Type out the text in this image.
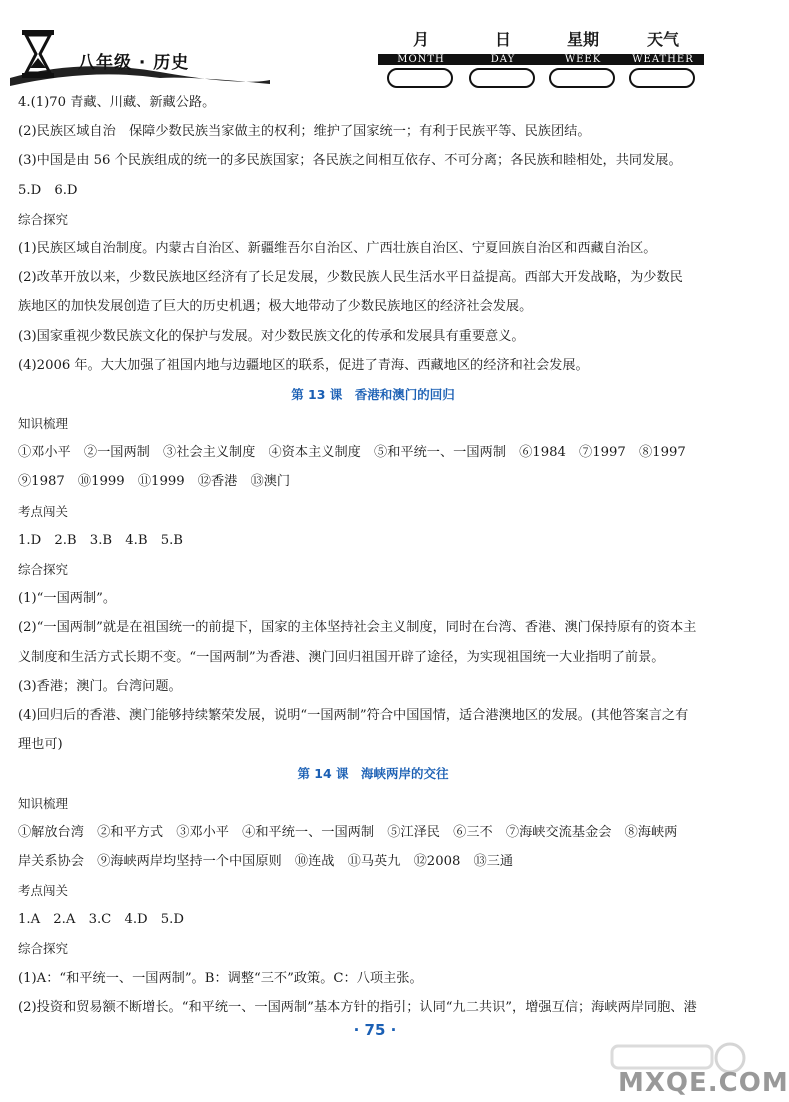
八年级 · 历史
月
MONTH
日
DAY
星期
WEEK
天气
WEATHER
4.(1)70 青藏、川藏、新藏公路。
(2)民族区域自治　保障少数民族当家做主的权利；维护了国家统一；有利于民族平等、民族团结。
(3)中国是由 56 个民族组成的统一的多民族国家；各民族之间相互依存、不可分离；各民族和睦相处，共同发展。
5.D　6.D
综合探究
(1)民族区域自治制度。内蒙古自治区、新疆维吾尔自治区、广西壮族自治区、宁夏回族自治区和西藏自治区。
(2)改革开放以来，少数民族地区经济有了长足发展，少数民族人民生活水平日益提高。西部大开发战略，为少数民
族地区的加快发展创造了巨大的历史机遇；极大地带动了少数民族地区的经济社会发展。
(3)国家重视少数民族文化的保护与发展。对少数民族文化的传承和发展具有重要意义。
(4)2006 年。大大加强了祖国内地与边疆地区的联系，促进了青海、西藏地区的经济和社会发展。
第 13 课　香港和澳门的回归
知识梳理
①邓小平　②一国两制　③社会主义制度　④资本主义制度　⑤和平统一、一国两制　⑥1984　⑦1997　⑧1997
⑨1987　⑩1999　⑪1999　⑫香港　⑬澳门
考点闯关
1.D　2.B　3.B　4.B　5.B
综合探究
(1)“一国两制”。
(2)“一国两制”就是在祖国统一的前提下，国家的主体坚持社会主义制度，同时在台湾、香港、澳门保持原有的资本主
义制度和生活方式长期不变。“一国两制”为香港、澳门回归祖国开辟了途径，为实现祖国统一大业指明了前景。
(3)香港；澳门。台湾问题。
(4)回归后的香港、澳门能够持续繁荣发展，说明“一国两制”符合中国国情，适合港澳地区的发展。(其他答案言之有
理也可)
第 14 课　海峡两岸的交往
知识梳理
①解放台湾　②和平方式　③邓小平　④和平统一、一国两制　⑤江泽民　⑥三不　⑦海峡交流基金会　⑧海峡两
岸关系协会　⑨海峡两岸均坚持一个中国原则　⑩连战　⑪马英九　⑫2008　⑬三通
考点闯关
1.A　2.A　3.C　4.D　5.D
综合探究
(1)A：“和平统一、一国两制”。B：调整“三不”政策。C：八项主张。
(2)投资和贸易额不断增长。“和平统一、一国两制”基本方针的指引；认同“九二共识”，增强互信；海峡两岸同胞、港
· 75 ·
MXQE.COM
